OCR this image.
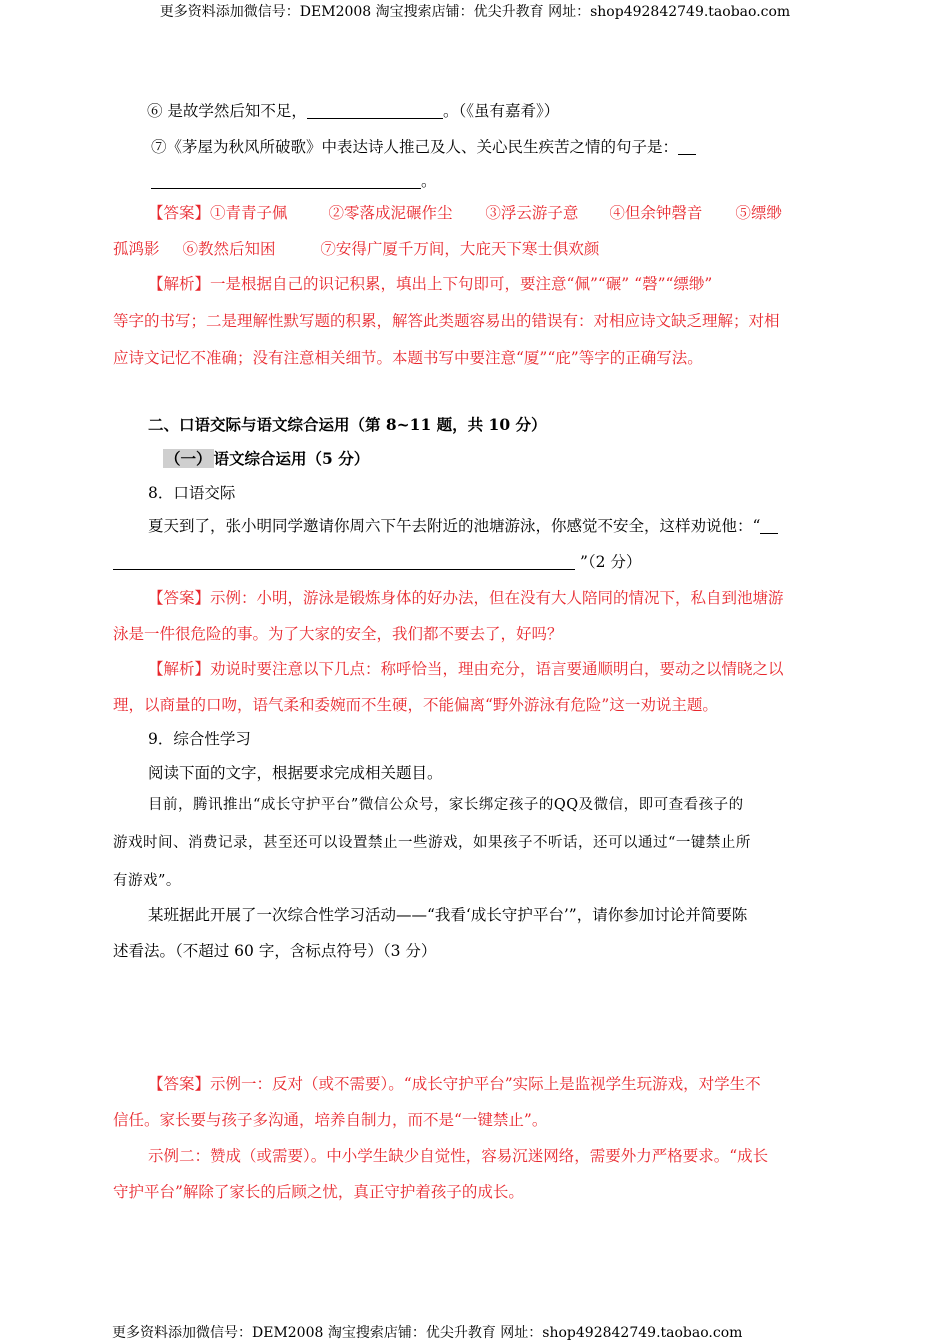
更多资料添加微信号：DEM2008 淘宝搜索店铺：优尖升教育 网址：shop492842749.taobao.com
⑥ 是故学然后知不足，	。（《虽有嘉肴》）
⑦《茅屋为秋风所破歌》中表达诗人推己及人、关心民生疾苦之情的句子是：
。
【答案】①青青子佩	②零落成泥碾作尘 ③浮云游子意 ④但余钟磬音 ⑤缥缈
孤鸿影 ⑥教然后知困	⑦安得广厦千万间，大庇天下寒士俱欢颜
【解析】一是根据自己的识记积累，填出上下句即可，要注意“佩”“碾” “磬”“缥缈”
等字的书写；二是理解性默写题的积累，解答此类题容易出的错误有：对相应诗文缺乏理解；对相
应诗文记忆不准确；没有注意相关细节。本题书写中要注意“厦”“庇”等字的正确写法。
二、口语交际与语文综合运用（第 8~11 题，共 10 分）
（一） 语文综合运用（5 分）
8．口语交际
夏天到了，张小明同学邀请你周六下午去附近的池塘游泳，你感觉不安全，这样劝说他：“
”（2 分）
【答案】示例：小明，游泳是锻炼身体的好办法，但在没有大人陪同的情况下，私自到池塘游
泳是一件很危险的事。为了大家的安全，我们都不要去了，好吗？
【解析】劝说时要注意以下几点：称呼恰当，理由充分，语言要通顺明白，要动之以情晓之以
理，以商量的口吻，语气柔和委婉而不生硬，不能偏离“野外游泳有危险”这一劝说主题。
9．综合性学习
阅读下面的文字，根据要求完成相关题目。
目前，腾讯推出“成长守护平台”微信公众号，家长绑定孩子的QQ及微信，即可查看孩子的
游戏时间、消费记录，甚至还可以设置禁止一些游戏，如果孩子不听话，还可以通过“一键禁止所
有游戏”。
某班据此开展了一次综合性学习活动——“我看‘成长守护平台’”，请你参加讨论并简要陈
述看法。（不超过 60 字，含标点符号）（3 分）
【答案】示例一：反对（或不需要）。“成长守护平台”实际上是监视学生玩游戏，对学生不
信任。家长要与孩子多沟通，培养自制力，而不是“一键禁止”。
示例二：赞成（或需要）。中小学生缺少自觉性，容易沉迷网络，需要外力严格要求。“成长
守护平台”解除了家长的后顾之忧，真正守护着孩子的成长。
更多资料添加微信号：DEM2008 淘宝搜索店铺：优尖升教育 网址：shop492842749.taobao.com
